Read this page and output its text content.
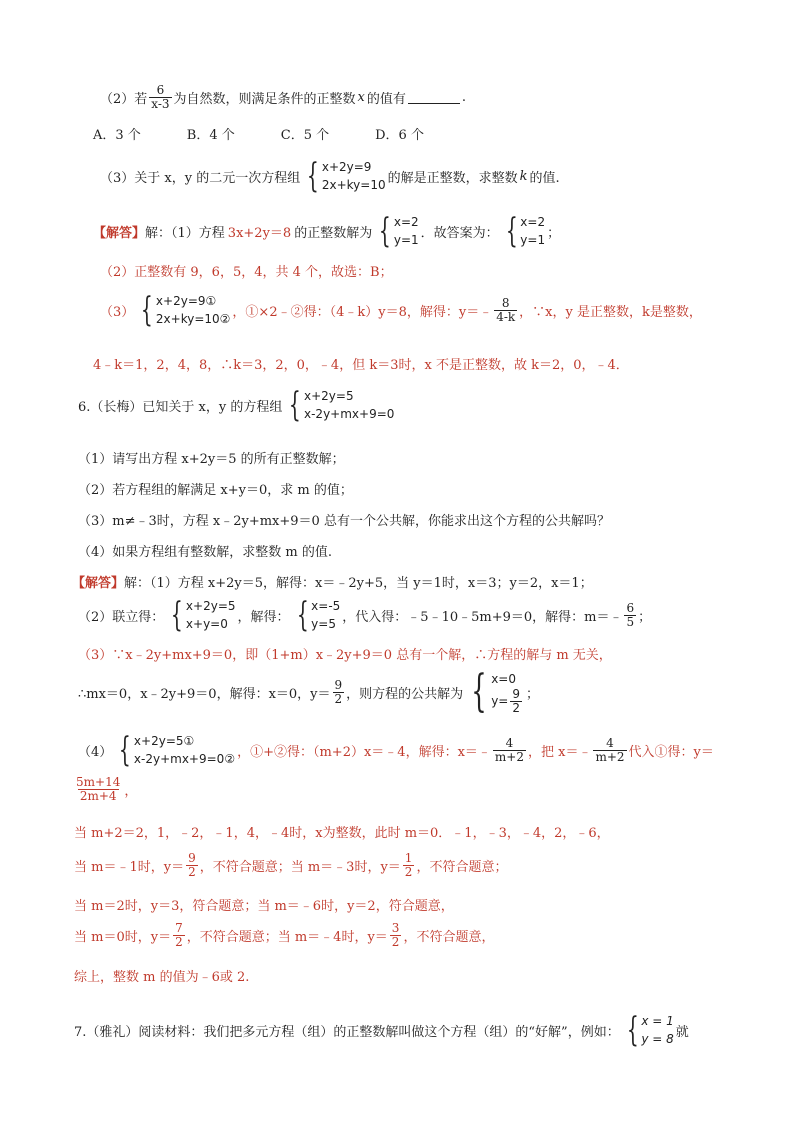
（2）若 $\frac{6}{x-3}$ 为自然数，则满足条件的正整数 x 的值有	.
A．3 个	B．4 个	C．5 个	D．6 个
（3）关于 x，y 的二元一次方程组 { x+2y=9
2x+ky=10 的解是正整数，求整数 k 的值.
【解答】 解：（1）方程 3x+2y＝8 的正整数解为 { x=2
y=1 ．故答案为： { x=2
y=1 ；
（2）正整数有 9，6，5，4，共 4 个，故选：B；
（3） { x+2y=9①
2x+ky=10② ，①×2﹣②得：（4﹣k）y＝8，解得：y＝﹣ $\frac{8}{4-k}$ ，∵x，y 是正整数，k是整数，
4﹣k＝1，2，4，8，∴k＝3，2，0，﹣4，但 k＝3时，x 不是正整数，故 k＝2，0，﹣4．
6.（长梅）已知关于 x，y 的方程组 { x+2y=5
x-2y+mx+9=0
（1）请写出方程 x+2y＝5 的所有正整数解；
（2）若方程组的解满足 x+y＝0，求 m 的值；
（3）m≠﹣3时，方程 x﹣2y+mx+9＝0 总有一个公共解，你能求出这个方程的公共解吗？
（4）如果方程组有整数解，求整数 m 的值.
【解答】 解：（1）方程 x+2y＝5，解得：x＝﹣2y+5，当 y＝1时，x＝3；y＝2，x＝1；
（2）联立得： { x+2y=5
x+y=0 ，解得： { x=-5
y=5 ，代入得：﹣5﹣10﹣5m+9＝0，解得：m＝﹣ $\frac{6}{5}$ ；
（3）∵x﹣2y+mx+9＝0，即（1+m）x﹣2y+9＝0 总有一个解，∴方程的解与 m 无关，
∴mx＝0，x﹣2y+9＝0，解得：x＝0，$y= \frac{9}{2}$ ，则方程的公共解为 { x=0
$y= \frac{9}{2}$ ；
（4） { x+2y=5①
x-2y+mx+9=0② ，①+②得：（m+2）x＝﹣4，解得：x＝﹣ $\frac{4}{m+2}$ ，把 x＝﹣ $\frac{4}{m+2}$ 代入①得：y＝
$\frac{5m+14}{2m+4}$ ，
当 m+2＝2，1，﹣2，﹣1，4，﹣4时，x为整数，此时 m＝0．﹣1，﹣3，﹣4，2，﹣6，
当 m＝﹣1时，$y= \frac{9}{2}$ ，不符合题意；当 m＝﹣3时，$y= \frac{1}{2}$ ，不符合题意；
当 m＝2时，y＝3，符合题意；当 m＝﹣6时，y＝2，符合题意，
当 m＝0时，$y= \frac{7}{2}$ ，不符合题意；当 m＝﹣4时，$y= \frac{3}{2}$ ，不符合题意，
综上，整数 m 的值为﹣6或 2.
7.（雅礼）阅读材料：我们把多元方程（组）的正整数解叫做这个方程（组）的“好解”，例如： { x = 1
y = 8 就
